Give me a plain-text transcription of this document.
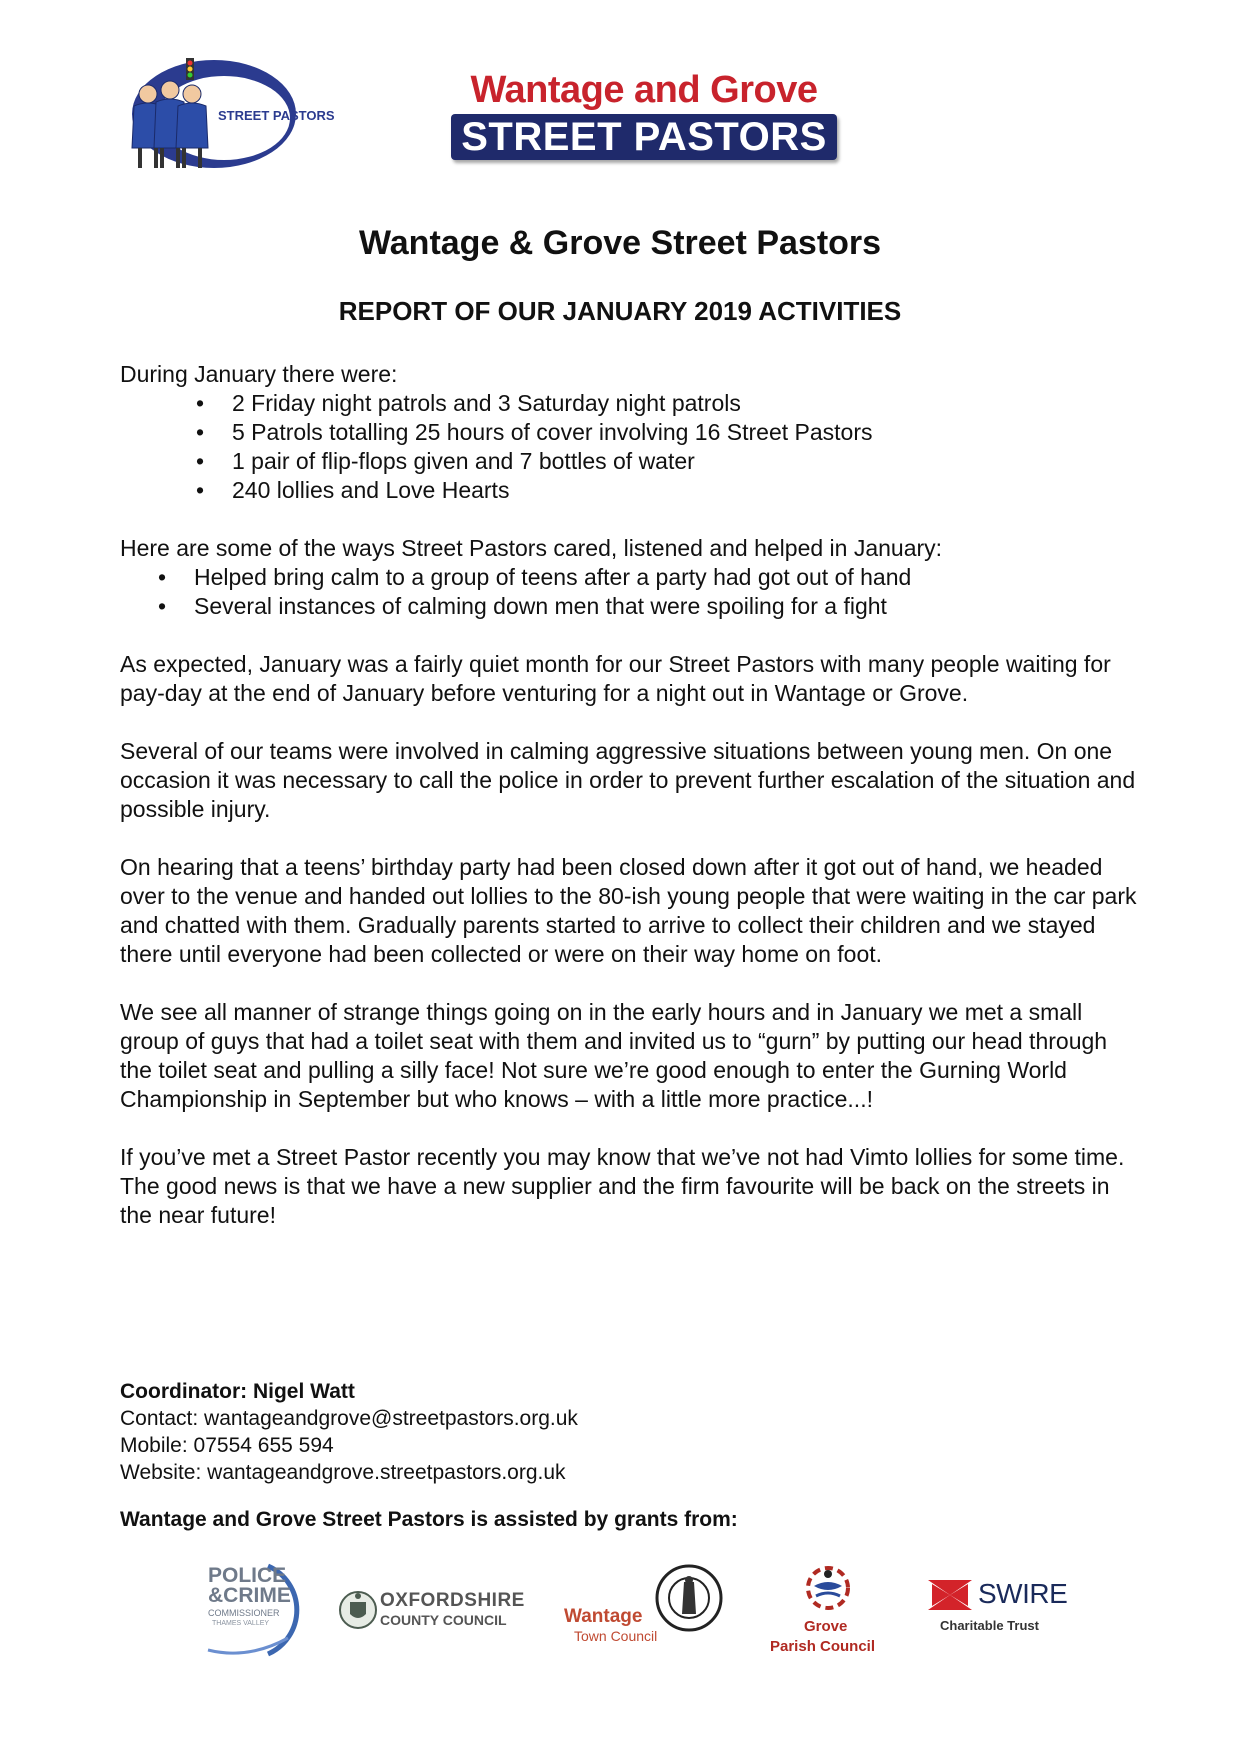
STREET PASTORS
Wantage and Grove
STREET PASTORS
Wantage & Grove Street Pastors
REPORT OF OUR JANUARY 2019 ACTIVITIES

During January there were:

• 2 Friday night patrols and 3 Saturday night patrols
• 5 Patrols totalling 25 hours of cover involving 16 Street Pastors
• 1 pair of flip-flops given and 7 bottles of water
• 240 lollies and Love Hearts

Here are some of the ways Street Pastors cared, listened and helped in January:

• Helped bring calm to a group of teens after a party had got out of hand
• Several instances of calming down men that were spoiling for a fight

As expected, January was a fairly quiet month for our Street Pastors with many people waiting for pay-day at the end of January before venturing for a night out in Wantage or Grove.

Several of our teams were involved in calming aggressive situations between young men. On one occasion it was necessary to call the police in order to prevent further escalation of the situation and possible injury.

On hearing that a teens’ birthday party had been closed down after it got out of hand, we headed over to the venue and handed out lollies to the 80-ish young people that were waiting in the car park and chatted with them. Gradually parents started to arrive to collect their children and we stayed there until everyone had been collected or were on their way home on foot.

We see all manner of strange things going on in the early hours and in January we met a small group of guys that had a toilet seat with them and invited us to “gurn” by putting our head through the toilet seat and pulling a silly face! Not sure we’re good enough to enter the Gurning World Championship in September but who knows – with a little more practice...!

If you’ve met a Street Pastor recently you may know that we’ve not had Vimto lollies for some time. The good news is that we have a new supplier and the firm favourite will be back on the streets in the near future!

Coordinator: Nigel Watt
Contact: wantageandgrove@streetpastors.org.uk
Mobile: 07554 655 594
Website: wantageandgrove.streetpastors.org.uk
Wantage and Grove Street Pastors is assisted by grants from:
POLICE
&CRIME
COMMISSIONER
THAMES VALLEY
OXFORDSHIRE
COUNTY COUNCIL	Wantage
Town Council
Grove
Parish Council
SWIRE
Charitable Trust
